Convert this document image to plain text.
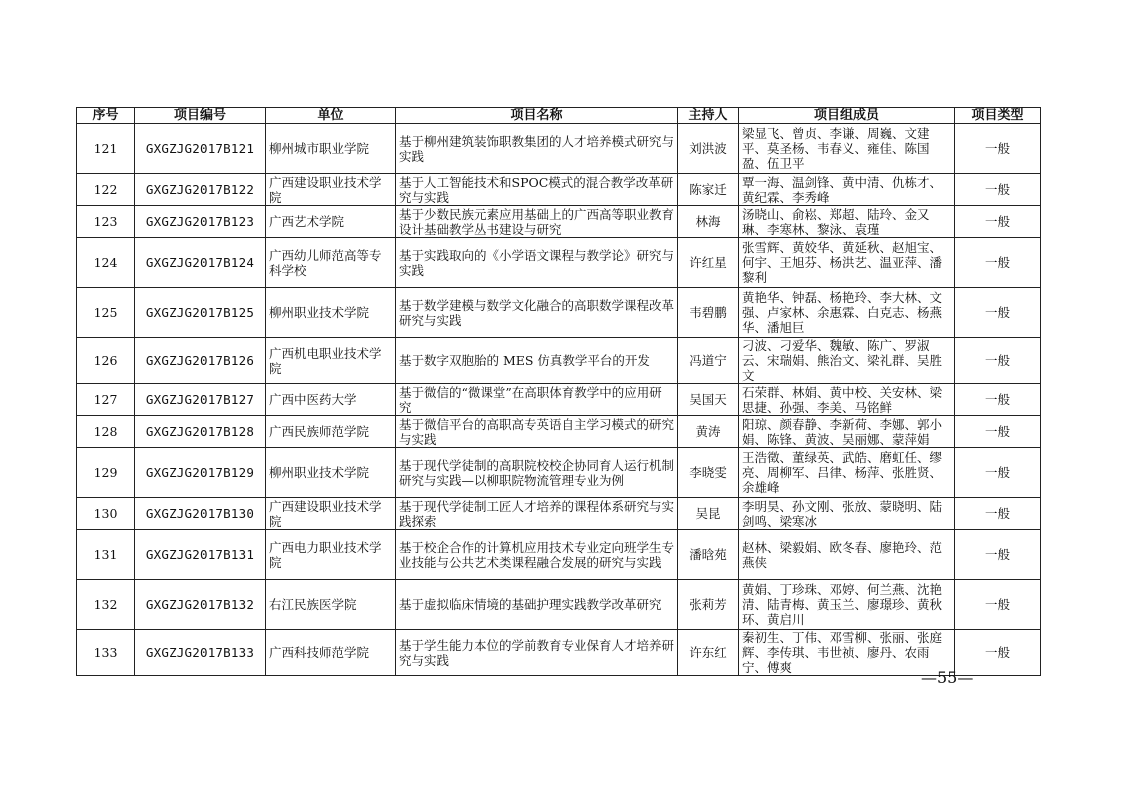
序号	项目编号	单位	项目名称	主持人	项目组成员	项目类型
121	GXGZJG2017B121	柳州城市职业学院	基于柳州建筑装饰职教集团的人才培养模式研究与实践	刘洪波	梁显飞、曾贞、李谦、周巍、文建平、莫圣杨、韦春义、雍佳、陈国盈、伍卫平	一般
122	GXGZJG2017B122	广西建设职业技术学院	基于人工智能技术和SPOC模式的混合教学改革研究与实践	陈家迁	覃一海、温剑锋、黄中清、仇栋才、黄纪霖、李秀峰	一般
123	GXGZJG2017B123	广西艺术学院	基于少数民族元素应用基础上的广西高等职业教育设计基础教学丛书建设与研究	林海	汤晓山、俞崧、郑超、陆玲、金又琳、李寒林、黎泳、袁瑾	一般
124	GXGZJG2017B124	广西幼儿师范高等专科学校	基于实践取向的《小学语文课程与教学论》研究与实践	许红星	张雪辉、黄姣华、黄延秋、赵旭宝、何宇、王旭芬、杨洪艺、温亚萍、潘黎利	一般
125	GXGZJG2017B125	柳州职业技术学院	基于数学建模与数学文化融合的高职数学课程改革研究与实践	韦碧鹏	黄艳华、钟磊、杨艳玲、李大林、文强、卢家林、余惠霖、白克志、杨燕华、潘旭巨	一般
126	GXGZJG2017B126	广西机电职业技术学院	基于数字双胞胎的 MES 仿真教学平台的开发	冯道宁	刁波、刁爱华、魏敏、陈广、罗淑云、宋瑞娟、熊治文、梁礼群、吴胜文	一般
127	GXGZJG2017B127	广西中医药大学	基于微信的“微课堂”在高职体育教学中的应用研究	吴国天	石荣群、林娟、黄中校、关安林、梁思捷、孙强、李美、马铭鲜	一般
128	GXGZJG2017B128	广西民族师范学院	基于微信平台的高职高专英语自主学习模式的研究与实践	黄涛	阳琼、颜春静、李新荷、李娜、郭小娟、陈锋、黄波、吴丽娜、蒙萍娟	一般
129	GXGZJG2017B129	柳州职业技术学院	基于现代学徒制的高职院校校企协同育人运行机制研究与实践—以柳职院物流管理专业为例	李晓雯	王浩徵、董绿英、武皓、磨虹任、缪亮、周柳军、吕律、杨萍、张胜贤、余雄峰	一般
130	GXGZJG2017B130	广西建设职业技术学院	基于现代学徒制工匠人才培养的课程体系研究与实践探索	吴昆	李明昊、孙文刚、张放、蒙晓明、陆剑鸣、梁寒冰	一般
131	GXGZJG2017B131	广西电力职业技术学院	基于校企合作的计算机应用技术专业定向班学生专业技能与公共艺术类课程融合发展的研究与实践	潘晗苑	赵林、梁毅娟、欧冬春、廖艳玲、范燕侠	一般
132	GXGZJG2017B132	右江民族医学院	基于虚拟临床情境的基础护理实践教学改革研究	张莉芳	黄娟、丁珍珠、邓婷、何兰燕、沈艳清、陆青梅、黄玉兰、廖璟珍、黄秋环、黄启川	一般
133	GXGZJG2017B133	广西科技师范学院	基于学生能力本位的学前教育专业保育人才培养研究与实践	许东红	秦初生、丁伟、邓雪柳、张丽、张庭辉、李传琪、韦世祯、廖丹、农雨宁、傅爽	一般
—55—
